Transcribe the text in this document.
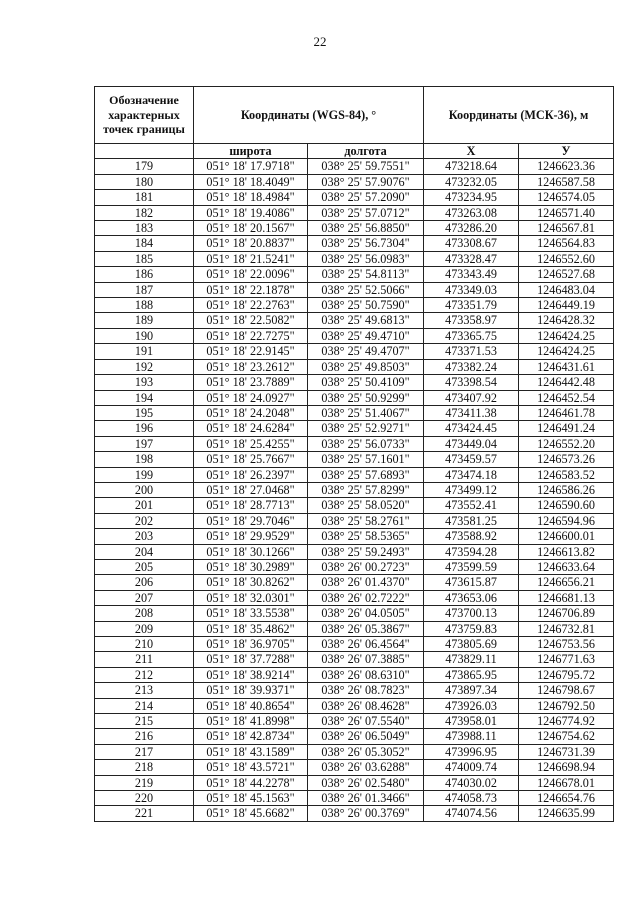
22
Обозначение характерных точек границы	Координаты (WGS-84), °		Координаты (МСК-36), м	
	широта	долгота	X	У
179	051° 18' 17.9718"	038° 25' 59.7551"	473218.64	1246623.36
180	051° 18' 18.4049"	038° 25' 57.9076"	473232.05	1246587.58
181	051° 18' 18.4984"	038° 25' 57.2090"	473234.95	1246574.05
182	051° 18' 19.4086"	038° 25' 57.0712"	473263.08	1246571.40
183	051° 18' 20.1567"	038° 25' 56.8850"	473286.20	1246567.81
184	051° 18' 20.8837"	038° 25' 56.7304"	473308.67	1246564.83
185	051° 18' 21.5241"	038° 25' 56.0983"	473328.47	1246552.60
186	051° 18' 22.0096"	038° 25' 54.8113"	473343.49	1246527.68
187	051° 18' 22.1878"	038° 25' 52.5066"	473349.03	1246483.04
188	051° 18' 22.2763"	038° 25' 50.7590"	473351.79	1246449.19
189	051° 18' 22.5082"	038° 25' 49.6813"	473358.97	1246428.32
190	051° 18' 22.7275"	038° 25' 49.4710"	473365.75	1246424.25
191	051° 18' 22.9145"	038° 25' 49.4707"	473371.53	1246424.25
192	051° 18' 23.2612"	038° 25' 49.8503"	473382.24	1246431.61
193	051° 18' 23.7889"	038° 25' 50.4109"	473398.54	1246442.48
194	051° 18' 24.0927"	038° 25' 50.9299"	473407.92	1246452.54
195	051° 18' 24.2048"	038° 25' 51.4067"	473411.38	1246461.78
196	051° 18' 24.6284"	038° 25' 52.9271"	473424.45	1246491.24
197	051° 18' 25.4255"	038° 25' 56.0733"	473449.04	1246552.20
198	051° 18' 25.7667"	038° 25' 57.1601"	473459.57	1246573.26
199	051° 18' 26.2397"	038° 25' 57.6893"	473474.18	1246583.52
200	051° 18' 27.0468"	038° 25' 57.8299"	473499.12	1246586.26
201	051° 18' 28.7713"	038° 25' 58.0520"	473552.41	1246590.60
202	051° 18' 29.7046"	038° 25' 58.2761"	473581.25	1246594.96
203	051° 18' 29.9529"	038° 25' 58.5365"	473588.92	1246600.01
204	051° 18' 30.1266"	038° 25' 59.2493"	473594.28	1246613.82
205	051° 18' 30.2989"	038° 26' 00.2723"	473599.59	1246633.64
206	051° 18' 30.8262"	038° 26' 01.4370"	473615.87	1246656.21
207	051° 18' 32.0301"	038° 26' 02.7222"	473653.06	1246681.13
208	051° 18' 33.5538"	038° 26' 04.0505"	473700.13	1246706.89
209	051° 18' 35.4862"	038° 26' 05.3867"	473759.83	1246732.81
210	051° 18' 36.9705"	038° 26' 06.4564"	473805.69	1246753.56
211	051° 18' 37.7288"	038° 26' 07.3885"	473829.11	1246771.63
212	051° 18' 38.9214"	038° 26' 08.6310"	473865.95	1246795.72
213	051° 18' 39.9371"	038° 26' 08.7823"	473897.34	1246798.67
214	051° 18' 40.8654"	038° 26' 08.4628"	473926.03	1246792.50
215	051° 18' 41.8998"	038° 26' 07.5540"	473958.01	1246774.92
216	051° 18' 42.8734"	038° 26' 06.5049"	473988.11	1246754.62
217	051° 18' 43.1589"	038° 26' 05.3052"	473996.95	1246731.39
218	051° 18' 43.5721"	038° 26' 03.6288"	474009.74	1246698.94
219	051° 18' 44.2278"	038° 26' 02.5480"	474030.02	1246678.01
220	051° 18' 45.1563"	038° 26' 01.3466"	474058.73	1246654.76
221	051° 18' 45.6682"	038° 26' 00.3769"	474074.56	1246635.99
